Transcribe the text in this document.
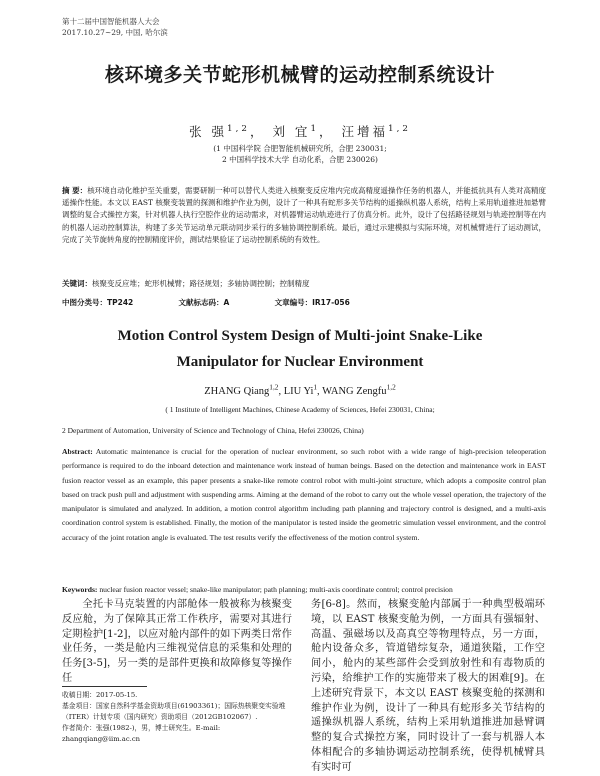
第十二届中国智能机器人大会
2017.10.27~29, 中国, 哈尔滨
核环境多关节蛇形机械臂的运动控制系统设计
张 强$^{1,2}$， 刘 宜$^1$， 汪增福$^{1,2}$
(1 中国科学院 合肥智能机械研究所，合肥 230031;
2 中国科学技术大学 自动化系，合肥 230026)
摘 要：核环境自动化维护至关重要，需要研制一种可以替代人类进入核聚变反应堆内完成高精度遥操作任务的机器人，并能抵抗具有人类对高精度遥操作性能。本文以 EAST 核聚变装置的探测和维护作业为例，设计了一种具有蛇形多关节结构的遥操纵机器人系统，结构上采用轨道推进加悬臂调整的复合式操控方案，针对机器人执行空腔作业的运动需求，对机器臂运动轨迹进行了仿真分析。此外，设计了包括路径规划与轨迹控制等在内的机器人运动控制算法，构建了多关节运动单元联动同步采行的多轴协调控制系统。最后，通过示建模拟与实际环境，对机械臂进行了运动测试，完成了关节旋转角度的控制精度评价，测试结果验证了运动控制系统的有效性。
关键词：核聚变反应堆；蛇形机械臂；路径规划；多轴协调控制；控制精度
中图分类号：TP242	文献标志码：A	文章编号：IR17-056
Motion Control System Design of Multi-joint Snake-Like
Manipulator for Nuclear Environment
ZHANG Qiang$^{1,2}$, LIU Yi$^1$, WANG Zengfu$^{1,2}$
( 1 Institute of Intelligent Machines, Chinese Academy of Sciences, Hefei 230031, China;
2 Department of Automation, University of Science and Technology of China, Hefei 230026, China)
Abstract: Automatic maintenance is crucial for the operation of nuclear environment, so such robot with a wide range of high-precision teleoperation performance is required to do the inboard detection and maintenance work instead of human beings. Based on the detection and maintenance work in EAST fusion reactor vessel as an example, this paper presents a snake-like remote control robot with multi-joint structure, which adopts a composite control plan based on track push pull and adjustment with suspending arms. Aiming at the demand of the robot to carry out the whole vessel operation, the trajectory of the manipulator is simulated and analyzed. In addition, a motion control algorithm including path planning and trajectory control is designed, and a multi-axis coordination control system is established. Finally, the motion of the manipulator is tested inside the geometric simulation vessel environment, and the control accuracy of the joint rotation angle is evaluated. The test results verify the effectiveness of the motion control system.
Keywords: nuclear fusion reactor vessel; snake-like manipulator; path planning; multi-axis coordinate control; control precision
全托卡马克装置的内部舱体一般被称为核聚变反应舱，为了保障其正常工作秩序，需要对其进行定期检护[1-2]，以应对舱内部件的如下两类日常作业任务，一类是舱内三维视觉信息的采集和处理的任务[3-5]，另一类的是部件更换和故障修复等操作任
务[6-8]。然而，核聚变舱内部属于一种典型极端环境，以 EAST 核聚变舱为例，一方面具有强辐射、高温、强磁场以及高真空等物理特点，另一方面，舱内设备众多，管道错综复杂，通道狭隘，工作空间小，舱内的某些部件会受到放射性和有毒物质的污染，给维护工作的实施带来了极大的困难[9]。在上述研究背景下，本文以 EAST 核聚变舱的探测和维护作业为例，设计了一种具有蛇形多关节结构的遥操纵机器人系统，结构上采用轨道推进加悬臂调整的复合式操控方案，同时设计了一套与机器人本体相配合的多轴协调运动控制系统，使得机械臂具有实时可
收稿日期：2017-05-15.
基金项目：国家自然科学基金资助项目(61903361)；国际热核聚变实验堆（ITER）计划专项（国内研究）资助项目（2012GB102067）.
作者简介：张强(1982-)，男，博士研究生。E-mail: zhangqiang@iim.ac.cn
